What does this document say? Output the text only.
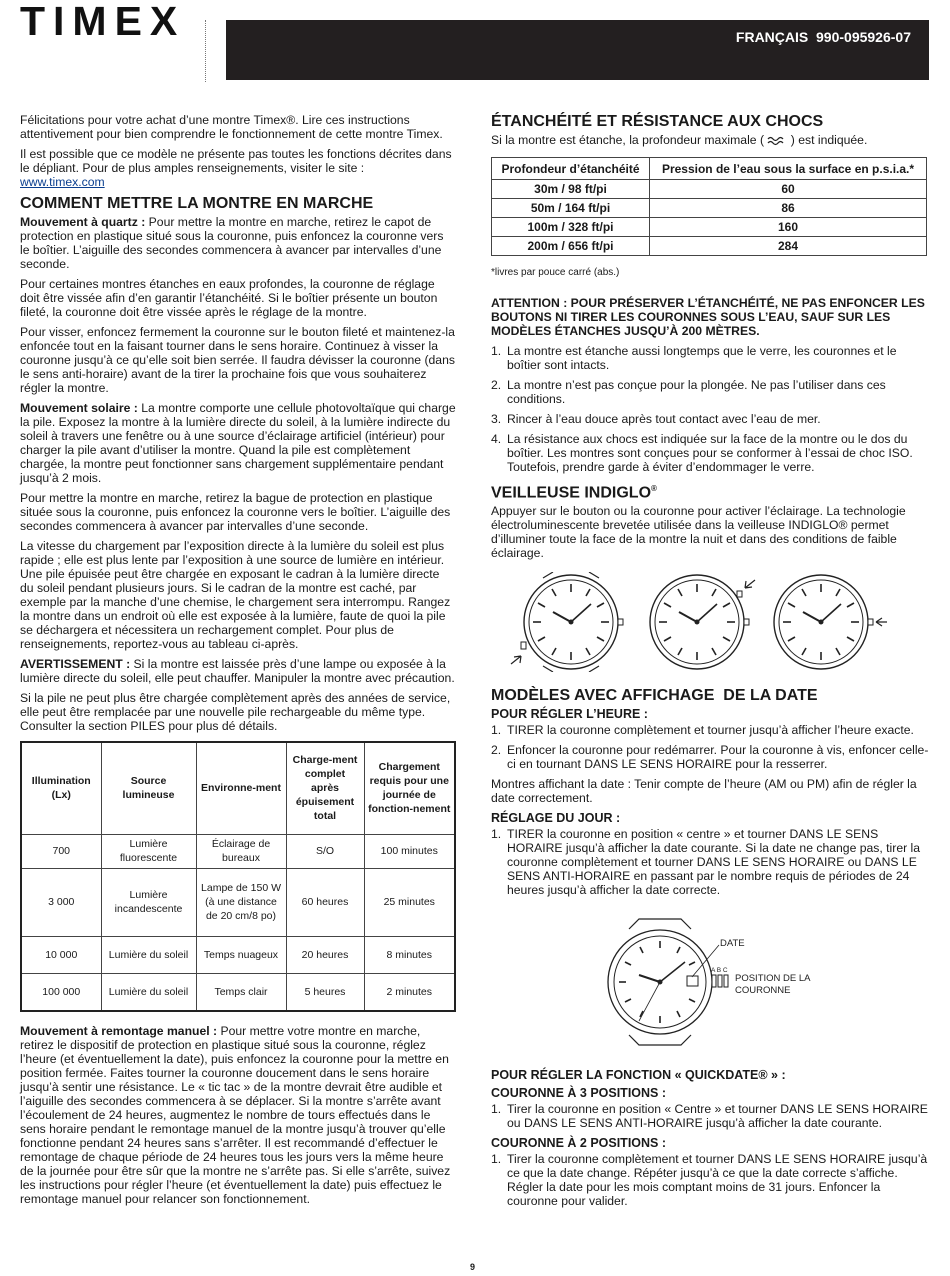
TIMEX	FRANÇAIS  990-095926-07

Félicitations pour votre achat d’une montre Timex®. Lire ces instructions attentivement pour bien comprendre le fonctionnement de cette montre Timex.

Il est possible que ce modèle ne présente pas toutes les fonctions décrites dans le dépliant. Pour de plus amples renseignements, visiter le site :
www.timex.com

COMMENT METTRE LA MONTRE EN MARCHE

Mouvement à quartz : Pour mettre la montre en marche, retirez le capot de protection en plastique situé sous la couronne, puis enfoncez la couronne vers le boîtier. L’aiguille des secondes commencera à avancer par intervalles d’une seconde.

Pour certaines montres étanches en eaux profondes, la couronne de réglage doit être vissée afin d’en garantir l’étanchéité. Si le boîtier présente un bouton fileté, la couronne doit être vissée après le réglage de la montre.

Pour visser, enfoncez fermement la couronne sur le bouton fileté et maintenez-la enfoncée tout en la faisant tourner dans le sens horaire. Continuez à visser la couronne jusqu’à ce qu’elle soit bien serrée. Il faudra dévisser la couronne (dans le sens anti-horaire) avant de la tirer la prochaine fois que vous souhaiterez régler la montre.

Mouvement solaire : La montre comporte une cellule photovoltaïque qui charge la pile. Exposez la montre à la lumière directe du soleil, à la lumière indirecte du soleil à travers une fenêtre ou à une source d’éclairage artificiel (intérieur) pour charger la pile avant d’utiliser la montre. Quand la pile est complètement chargée, la montre peut fonctionner sans chargement supplémentaire pendant jusqu’à 2 mois.

Pour mettre la montre en marche, retirez la bague de protection en plastique située sous la couronne, puis enfoncez la couronne vers le boîtier. L’aiguille des secondes commencera à avancer par intervalles d’une seconde.

La vitesse du chargement par l’exposition directe à la lumière du soleil est plus rapide ; elle est plus lente par l’exposition à une source de lumière en intérieur. Une pile épuisée peut être chargée en exposant le cadran à la lumière directe du soleil pendant plusieurs jours. Si le cadran de la montre est caché, par exemple par la manche d’une chemise, le chargement sera interrompu. Rangez la montre dans un endroit où elle est exposée à la lumière, faute de quoi la pile se déchargera et nécessitera un rechargement complet. Pour plus de renseignements, reportez-vous au tableau ci-après.

AVERTISSEMENT : Si la montre est laissée près d’une lampe ou exposée à la lumière directe du soleil, elle peut chauffer. Manipuler la montre avec précaution.

Si la pile ne peut plus être chargée complètement après des années de service, elle peut être remplacée par une nouvelle pile rechargeable du même type. Consulter la section PILES pour plus dé détails.

Illumination (Lx)	Source lumineuse	Environne-ment	Charge-ment complet après épuisement total	Chargement requis pour une journée de fonction-nement
700	Lumière fluorescente	Éclairage de bureaux	S/O	100 minutes
3 000	Lumière incandescente	Lampe de 150 W (à une distance de 20 cm/8 po)	60 heures	25 minutes
10 000	Lumière du soleil	Temps nuageux	20 heures	8 minutes
100 000	Lumière du soleil	Temps clair	5 heures	2 minutes

Mouvement à remontage manuel : Pour mettre votre montre en marche, retirez le dispositif de protection en plastique situé sous la couronne, réglez l’heure (et éventuellement la date), puis enfoncez la couronne pour la mettre en position fermée. Faites tourner la couronne doucement dans le sens horaire jusqu’à sentir une résistance. Le « tic tac » de la montre devrait être audible et l’aiguille des secondes commencera à se déplacer. Si la montre s’arrête avant l’écoulement de 24 heures, augmentez le nombre de tours effectués dans le sens horaire pendant le remontage manuel de la montre jusqu’à trouver qu’elle fonctionne pendant 24 heures sans s’arrêter. Il est recommandé d’effectuer le remontage de chaque période de 24 heures tous les jours vers la même heure de la journée pour être sûr que la montre ne s’arrête pas. Si elle s’arrête, suivez les instructions pour régler l’heure (et éventuellement la date) puis effectuez le remontage manuel pour relancer son fonctionnement.

ÉTANCHÉITÉ ET RÉSISTANCE AUX CHOCS

Si la montre est étanche, la profondeur maximale ( ) est indiquée.

Profondeur d’étanchéité	Pression de l’eau sous la surface en p.s.i.a.*
30m / 98 ft/pi	60
50m / 164 ft/pi	86
100m / 328 ft/pi	160
200m / 656 ft/pi	284

*livres par pouce carré (abs.)

ATTENTION : POUR PRÉSERVER L’ÉTANCHÉITÉ, NE PAS ENFONCER LES BOUTONS NI TIRER LES COURONNES SOUS L’EAU, SAUF SUR LES MODÈLES ÉTANCHES JUSQU’À 200 MÈTRES.

1. La montre est étanche aussi longtemps que le verre, les couronnes et le boîtier sont intacts.
2. La montre n’est pas conçue pour la plongée. Ne pas l’utiliser dans ces conditions.
3. Rincer à l’eau douce après tout contact avec l’eau de mer.
4. La résistance aux chocs est indiquée sur la face de la montre ou le dos du boîtier. Les montres sont conçues pour se conformer à l’essai de choc ISO. Toutefois, prendre garde à éviter d’endommager le verre.
VEILLEUSE INDIGLO®

Appuyer sur le bouton ou la couronne pour activer l’éclairage. La technologie électroluminescente brevetée utilisée dans la veilleuse INDIGLO® permet d’illuminer toute la face de la montre la nuit et dans des conditions de faible éclairage.

MODÈLES AVEC AFFICHAGE  DE LA DATE
POUR RÉGLER L’HEURE :
1. TIRER la couronne complètement et tourner jusqu’à afficher l’heure exacte.
2. Enfoncer la couronne pour redémarrer. Pour la couronne à vis, enfoncer celle-ci en tournant DANS LE SENS HORAIRE pour la resserrer.

Montres affichant la date : Tenir compte de l’heure (AM ou PM) afin de régler la date correctement.

RÉGLAGE DU JOUR :
1. TIRER la couronne en position « centre » et tourner DANS LE SENS HORAIRE jusqu’à afficher la date courante. Si la date ne change pas, tirer la couronne complètement et tourner DANS LE SENS HORAIRE ou DANS LE SENS ANTI-HORAIRE en passant par le nombre requis de périodes de 24 heures jusqu’à afficher la date correcte.
DATE
A B C
POSITION DE LA
COURONNE
POUR RÉGLER LA FONCTION « QUICKDATE® » :
COURONNE À 3 POSITIONS :
1. Tirer la couronne en position « Centre » et tourner DANS LE SENS HORAIRE ou DANS LE SENS ANTI-HORAIRE jusqu’à afficher la date courante.
COURONNE À 2 POSITIONS :
1. Tirer la couronne complètement et tourner DANS LE SENS HORAIRE jusqu’à ce que la date change. Répéter jusqu’à ce que la date correcte s’affiche. Régler la date pour les mois comptant moins de 31 jours. Enfoncer la couronne pour valider.
9
